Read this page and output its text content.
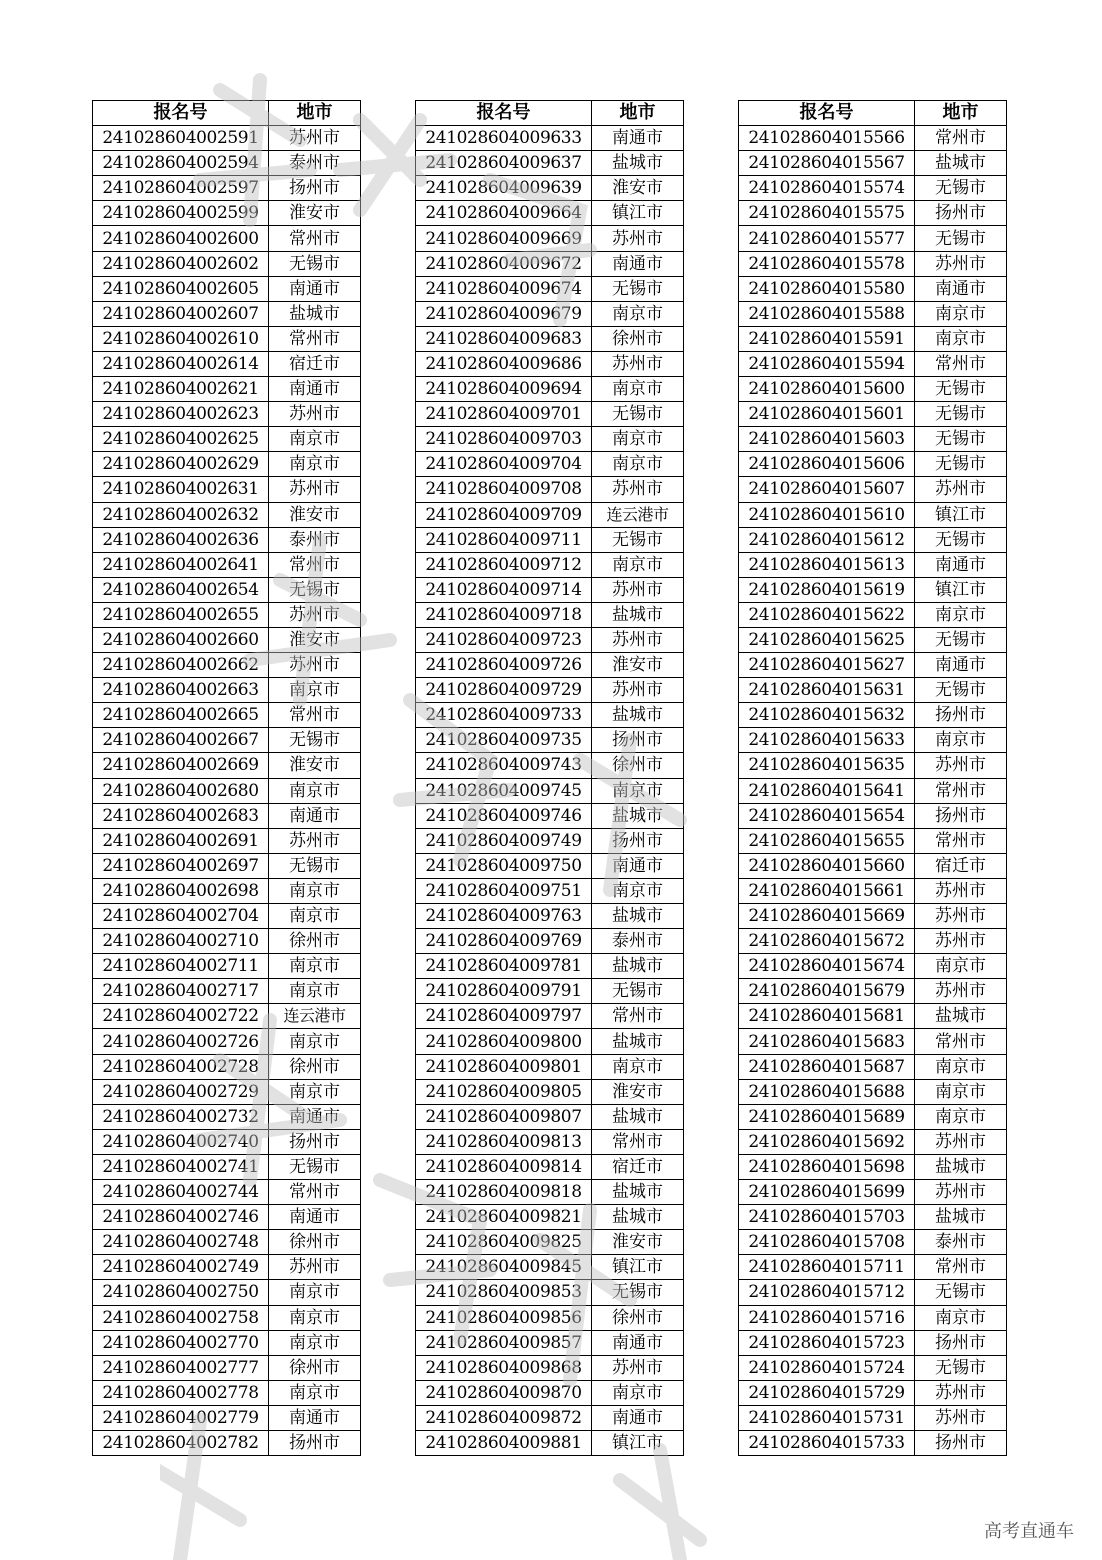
报名号	地市
241028604002591	苏州市
241028604002594	泰州市
241028604002597	扬州市
241028604002599	淮安市
241028604002600	常州市
241028604002602	无锡市
241028604002605	南通市
241028604002607	盐城市
241028604002610	常州市
241028604002614	宿迁市
241028604002621	南通市
241028604002623	苏州市
241028604002625	南京市
241028604002629	南京市
241028604002631	苏州市
241028604002632	淮安市
241028604002636	泰州市
241028604002641	常州市
241028604002654	无锡市
241028604002655	苏州市
241028604002660	淮安市
241028604002662	苏州市
241028604002663	南京市
241028604002665	常州市
241028604002667	无锡市
241028604002669	淮安市
241028604002680	南京市
241028604002683	南通市
241028604002691	苏州市
241028604002697	无锡市
241028604002698	南京市
241028604002704	南京市
241028604002710	徐州市
241028604002711	南京市
241028604002717	南京市
241028604002722	连云港市
241028604002726	南京市
241028604002728	徐州市
241028604002729	南京市
241028604002732	南通市
241028604002740	扬州市
241028604002741	无锡市
241028604002744	常州市
241028604002746	南通市
241028604002748	徐州市
241028604002749	苏州市
241028604002750	南京市
241028604002758	南京市
241028604002770	南京市
241028604002777	徐州市
241028604002778	南京市
241028604002779	南通市
241028604002782	扬州市
报名号	地市
241028604009633	南通市
241028604009637	盐城市
241028604009639	淮安市
241028604009664	镇江市
241028604009669	苏州市
241028604009672	南通市
241028604009674	无锡市
241028604009679	南京市
241028604009683	徐州市
241028604009686	苏州市
241028604009694	南京市
241028604009701	无锡市
241028604009703	南京市
241028604009704	南京市
241028604009708	苏州市
241028604009709	连云港市
241028604009711	无锡市
241028604009712	南京市
241028604009714	苏州市
241028604009718	盐城市
241028604009723	苏州市
241028604009726	淮安市
241028604009729	苏州市
241028604009733	盐城市
241028604009735	扬州市
241028604009743	徐州市
241028604009745	南京市
241028604009746	盐城市
241028604009749	扬州市
241028604009750	南通市
241028604009751	南京市
241028604009763	盐城市
241028604009769	泰州市
241028604009781	盐城市
241028604009791	无锡市
241028604009797	常州市
241028604009800	盐城市
241028604009801	南京市
241028604009805	淮安市
241028604009807	盐城市
241028604009813	常州市
241028604009814	宿迁市
241028604009818	盐城市
241028604009821	盐城市
241028604009825	淮安市
241028604009845	镇江市
241028604009853	无锡市
241028604009856	徐州市
241028604009857	南通市
241028604009868	苏州市
241028604009870	南京市
241028604009872	南通市
241028604009881	镇江市
报名号	地市
241028604015566	常州市
241028604015567	盐城市
241028604015574	无锡市
241028604015575	扬州市
241028604015577	无锡市
241028604015578	苏州市
241028604015580	南通市
241028604015588	南京市
241028604015591	南京市
241028604015594	常州市
241028604015600	无锡市
241028604015601	无锡市
241028604015603	无锡市
241028604015606	无锡市
241028604015607	苏州市
241028604015610	镇江市
241028604015612	无锡市
241028604015613	南通市
241028604015619	镇江市
241028604015622	南京市
241028604015625	无锡市
241028604015627	南通市
241028604015631	无锡市
241028604015632	扬州市
241028604015633	南京市
241028604015635	苏州市
241028604015641	常州市
241028604015654	扬州市
241028604015655	常州市
241028604015660	宿迁市
241028604015661	苏州市
241028604015669	苏州市
241028604015672	苏州市
241028604015674	南京市
241028604015679	苏州市
241028604015681	盐城市
241028604015683	常州市
241028604015687	南京市
241028604015688	南京市
241028604015689	南京市
241028604015692	苏州市
241028604015698	盐城市
241028604015699	苏州市
241028604015703	盐城市
241028604015708	泰州市
241028604015711	常州市
241028604015712	无锡市
241028604015716	南京市
241028604015723	扬州市
241028604015724	无锡市
241028604015729	苏州市
241028604015731	苏州市
241028604015733	扬州市
高考直通车
